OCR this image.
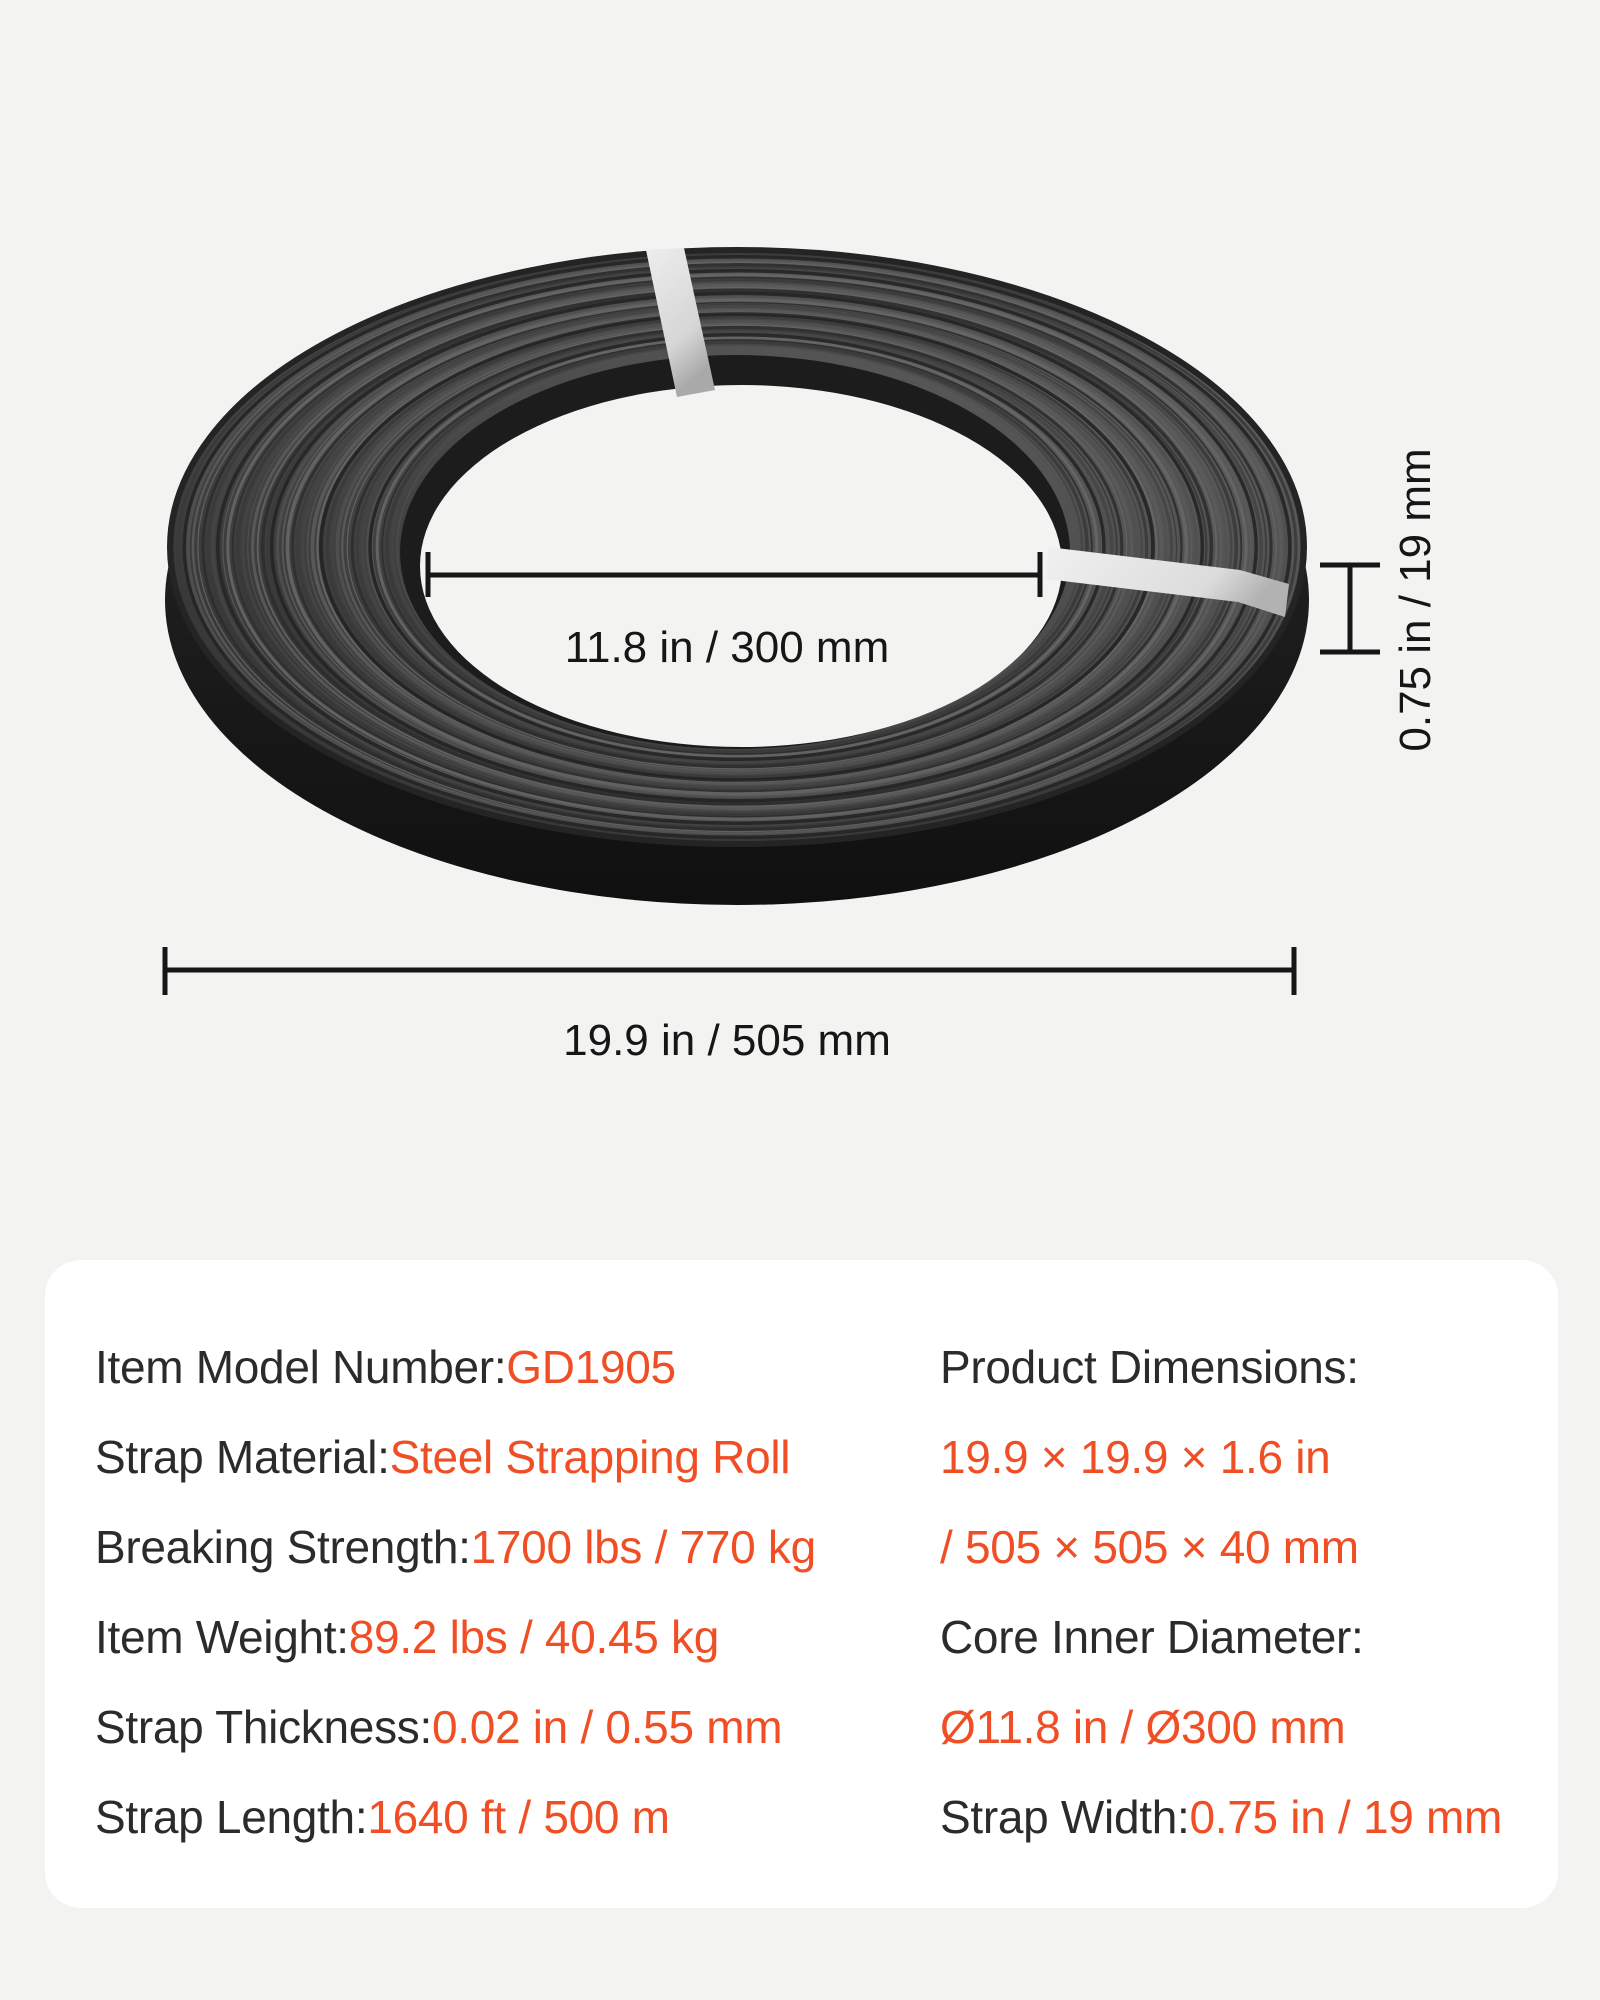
11.8 in / 300 mm	0.75 in / 19 mm
19.9 in / 505 mm
Item Model Number: GD1905
Strap Material: Steel Strapping Roll
Breaking Strength: 1700 lbs / 770 kg
Item Weight: 89.2 lbs / 40.45 kg
Strap Thickness: 0.02 in / 0.55 mm
Strap Length: 1640 ft / 500 m
Product Dimensions:
19.9 × 19.9 × 1.6 in
/ 505 × 505 × 40 mm
Core Inner Diameter:
Ø11.8 in / Ø300 mm
Strap Width: 0.75 in / 19 mm
